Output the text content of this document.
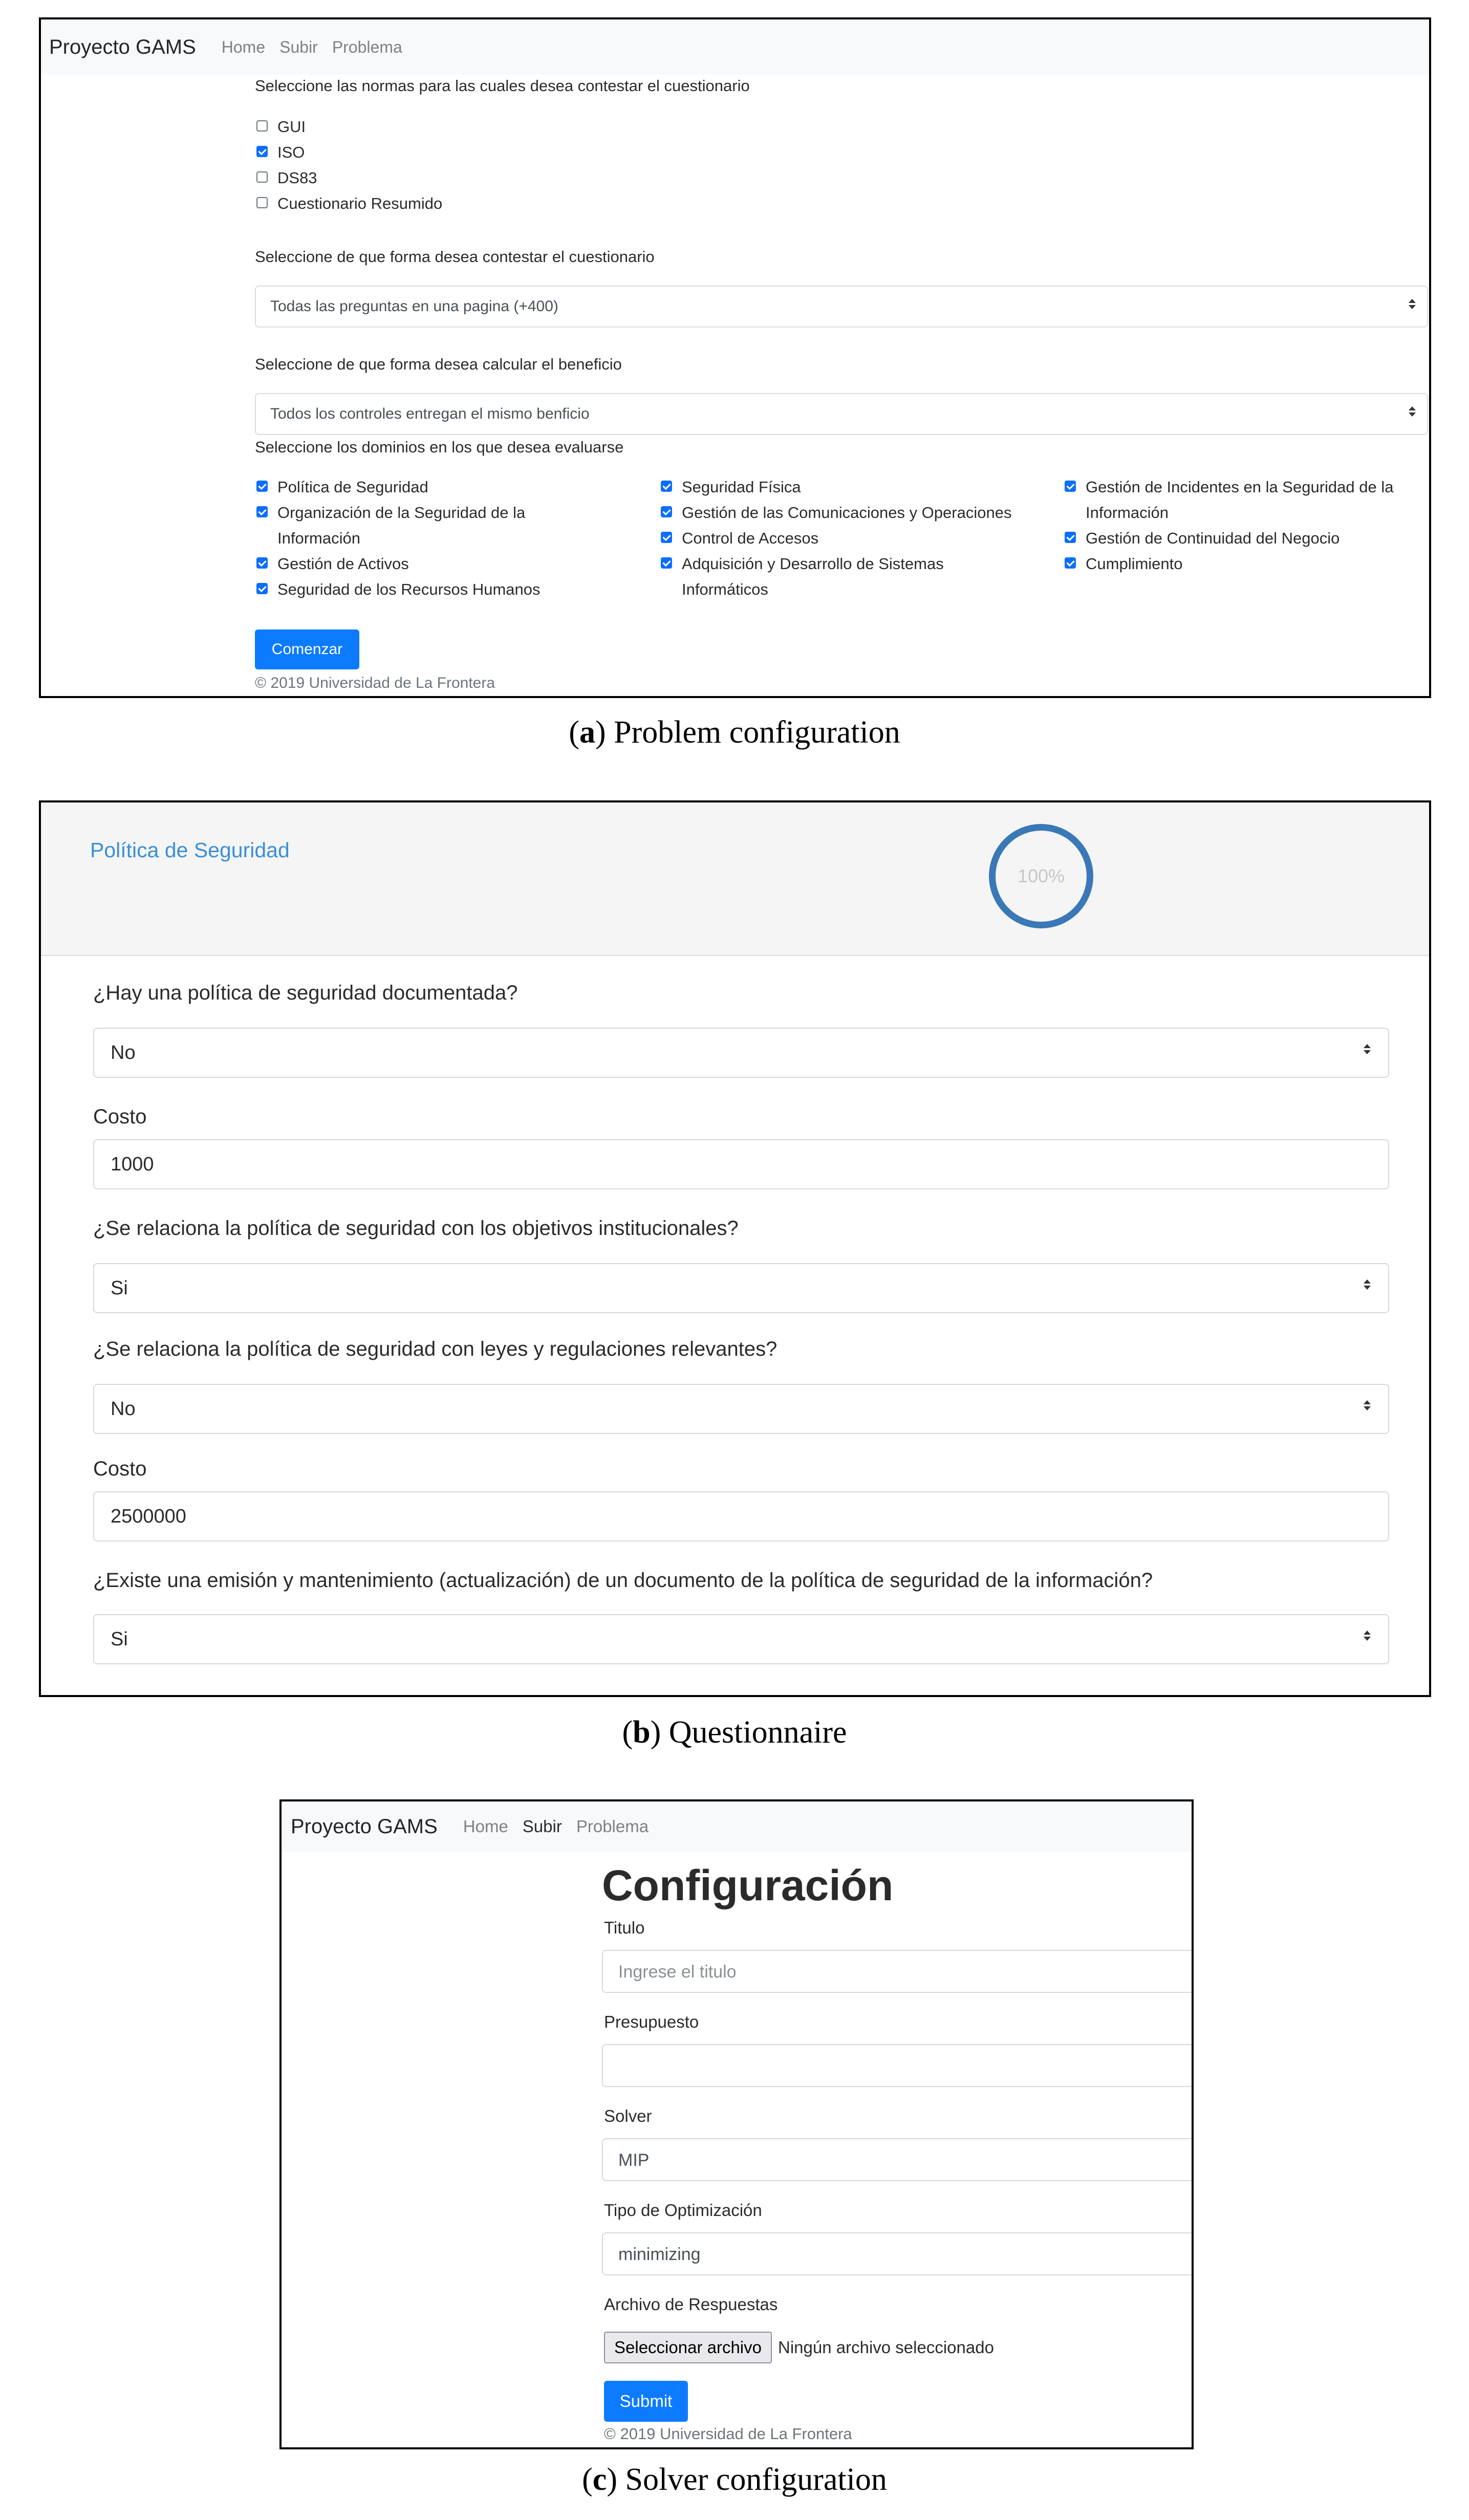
Proyecto GAMS Home Subir Problema
Seleccione las normas para las cuales desea contestar el cuestionario
GUI
ISO
DS83
Cuestionario Resumido
Seleccione de que forma desea contestar el cuestionario
Todas las preguntas en una pagina (+400)
Seleccione de que forma desea calcular el beneficio
Todos los controles entregan el mismo benficio
Seleccione los dominios en los que desea evaluarse
Política de Seguridad
Organización de la Seguridad de la
Información
Gestión de Activos
Seguridad de los Recursos Humanos
Seguridad Física
Gestión de las Comunicaciones y Operaciones
Control de Accesos
Adquisición y Desarrollo de Sistemas
Informáticos
Gestión de Incidentes en la Seguridad de la
Información
Gestión de Continuidad del Negocio
Cumplimiento
Comenzar
© 2019 Universidad de La Frontera
(a) Problem configuration
Política de Seguridad
100%
¿Hay una política de seguridad documentada?
No
Costo
1000
¿Se relaciona la política de seguridad con los objetivos institucionales?
Si
¿Se relaciona la política de seguridad con leyes y regulaciones relevantes?
No
Costo
2500000
¿Existe una emisión y mantenimiento (actualización) de un documento de la política de seguridad de la información?
Si
(b) Questionnaire
Proyecto GAMS Home Subir Problema
Configuración
Titulo
Ingrese el titulo
Presupuesto
Solver
MIP
Tipo de Optimización
minimizing
Archivo de Respuestas
Seleccionar archivo Ningún archivo seleccionado
Submit
© 2019 Universidad de La Frontera
(c) Solver configuration
